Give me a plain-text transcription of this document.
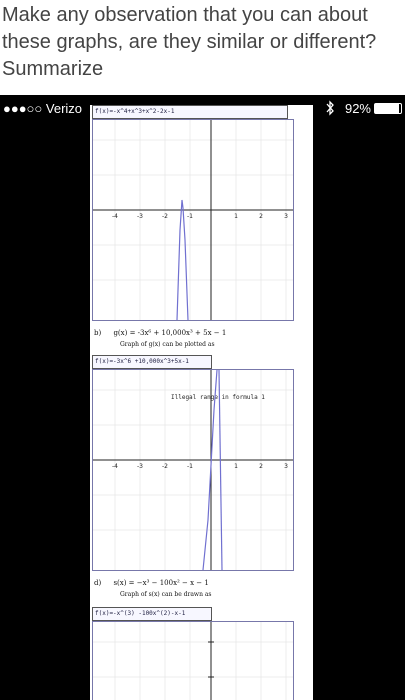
Make any observation that you can about
these graphs, are they similar or different?
Summarize
●●●○○ Verizo	92%
f(x)=-x^4+x^3+x^2-2x-1
-4	-3	-2	-1	1	2	3
b) g(x) = -3x⁶ + 10,000x³ + 5x − 1
Graph of g(x) can be plotted as
f(x)=-3x^6 +10,000x^3+5x-1
-4	-3	-2	-1	1	2	3
Illegal range in formula 1
d) s(x) = −x³ − 100x² − x − 1
Graph of s(x) can be drawn as
f(x)=-x^(3) -100x^(2)-x-1
